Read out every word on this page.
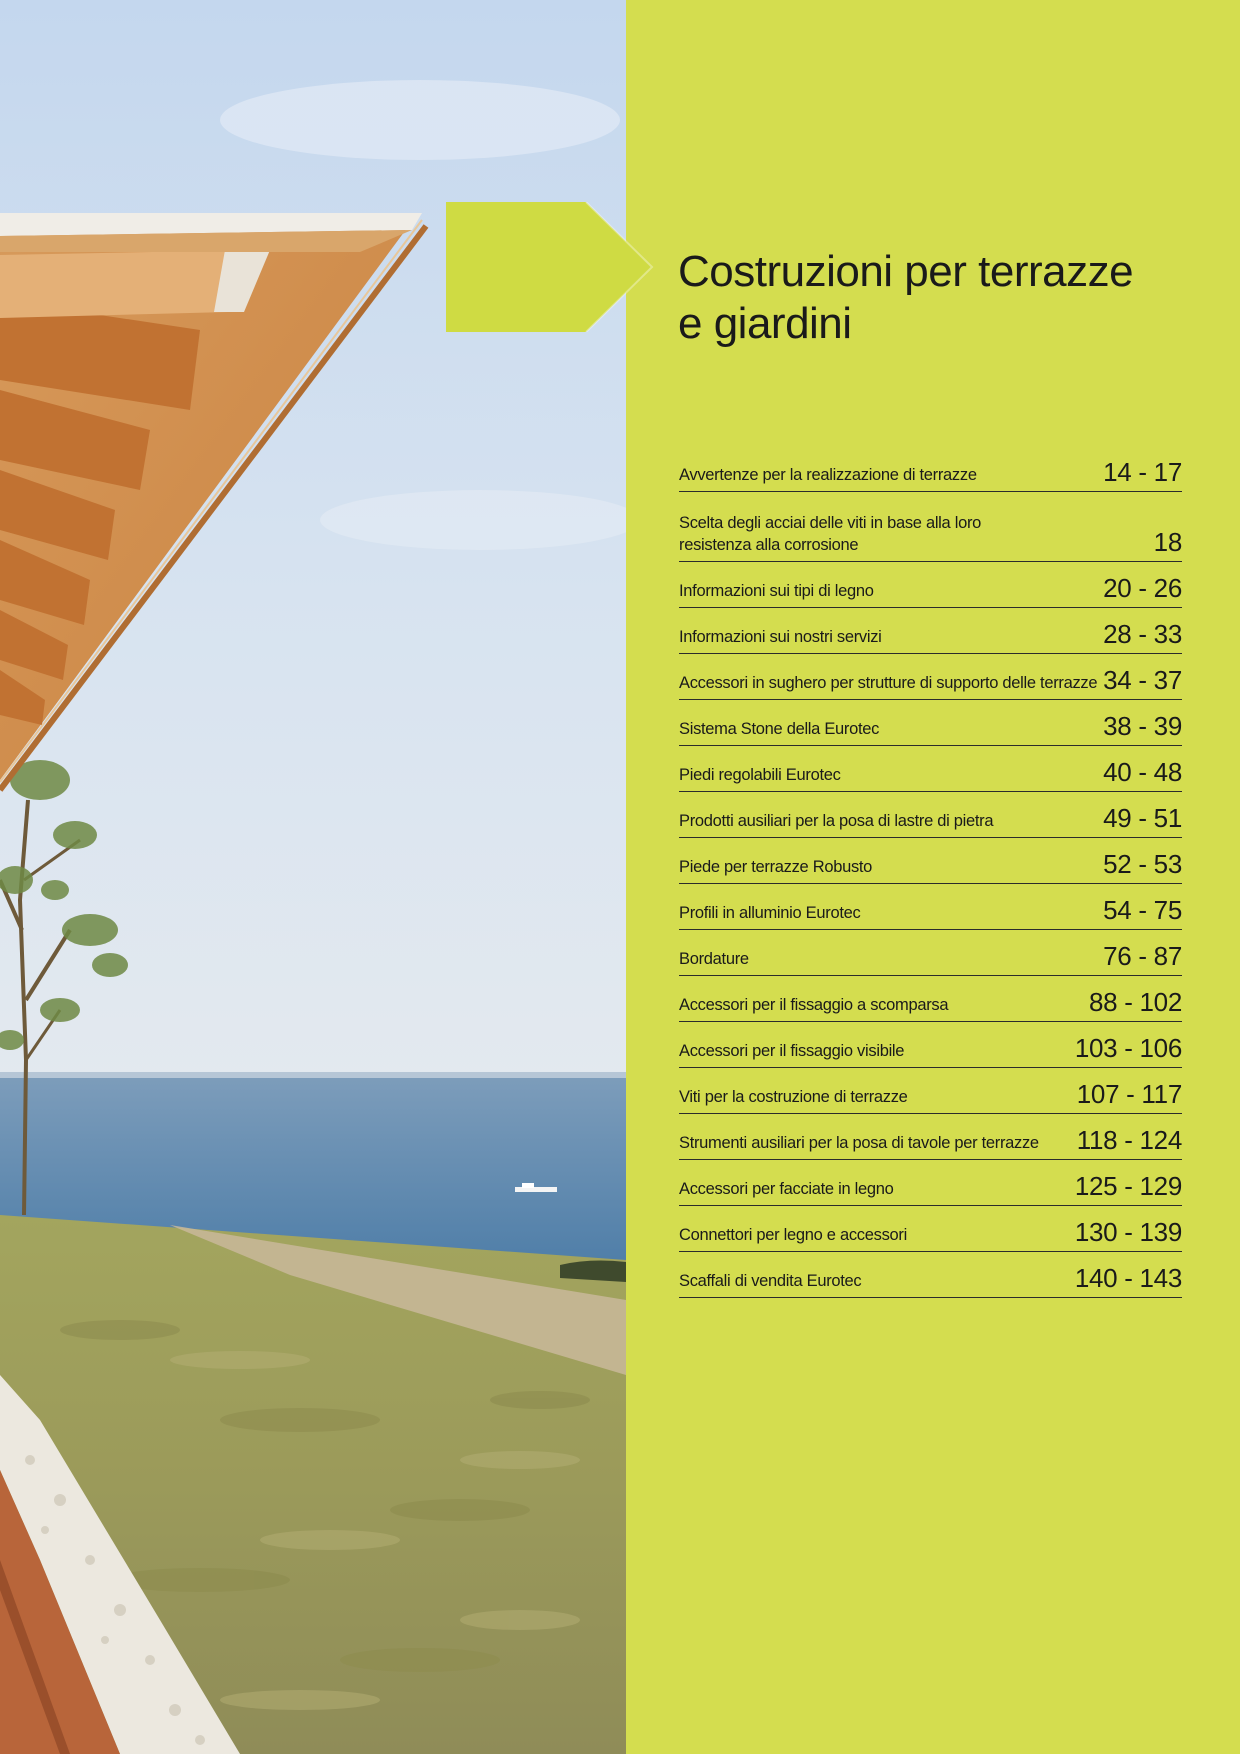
Costruzioni per terrazze
e giardini
Avvertenze per la realizzazione di terrazze	14 - 17
Scelta degli acciai delle viti in base alla loro
resistenza alla corrosione	18
Informazioni sui tipi di legno	20 - 26
Informazioni sui nostri servizi	28 - 33
Accessori in sughero per strutture di supporto delle terrazze 34 - 37
Sistema Stone della Eurotec	38 - 39
Piedi regolabili Eurotec	40 - 48
Prodotti ausiliari per la posa di lastre di pietra	49 - 51
Piede per terrazze Robusto	52 - 53
Profili in alluminio Eurotec	54 - 75
Bordature	76 - 87
Accessori per il fissaggio a scomparsa	88 - 102
Accessori per il fissaggio visibile	103 - 106
Viti per la costruzione di terrazze	107 - 117
Strumenti ausiliari per la posa di tavole per terrazze 118 - 124
Accessori per facciate in legno	125 - 129
Connettori per legno e accessori	130 - 139
Scaffali di vendita Eurotec	140 - 143
